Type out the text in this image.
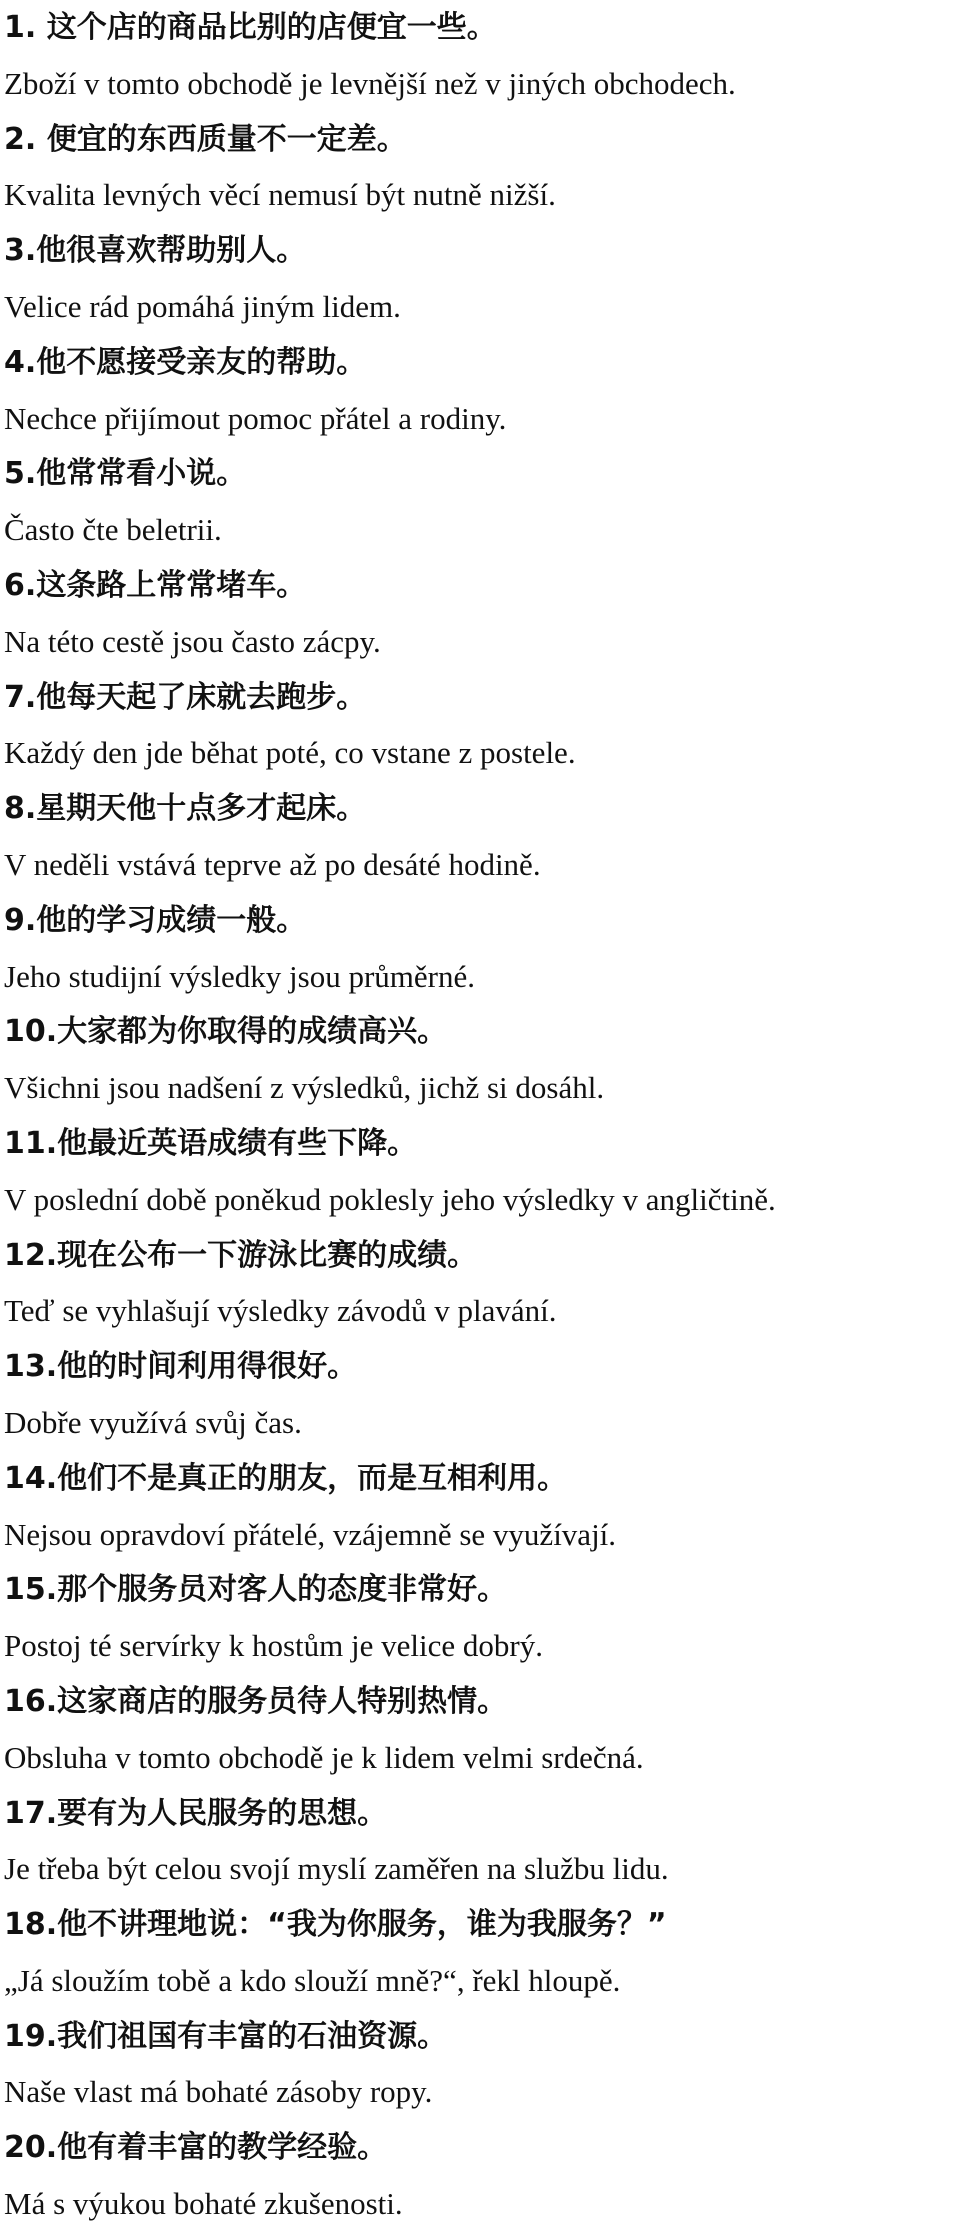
1. 这个店的商品比别的店便宜一些。
Zboží v tomto obchodě je levnější než v jiných obchodech.
2. 便宜的东西质量不一定差。
Kvalita levných věcí nemusí být nutně nižší.
3.他很喜欢帮助别人。
Velice rád pomáhá jiným lidem.
4.他不愿接受亲友的帮助。
Nechce přijímout pomoc přátel a rodiny.
5.他常常看小说。
Často čte beletrii.
6.这条路上常常堵车。
Na této cestě jsou často zácpy.
7.他每天起了床就去跑步。
Každý den jde běhat poté, co vstane z postele.
8.星期天他十点多才起床。
V neděli vstává teprve až po desáté hodině.
9.他的学习成绩一般。
Jeho studijní výsledky jsou průměrné.
10.大家都为你取得的成绩高兴。
Všichni jsou nadšení z výsledků, jichž si dosáhl.
11.他最近英语成绩有些下降。
V poslední době poněkud poklesly jeho výsledky v angličtině.
12.现在公布一下游泳比赛的成绩。
Teď se vyhlašují výsledky závodů v plavání.
13.他的时间利用得很好。
Dobře využívá svůj čas.
14.他们不是真正的朋友，而是互相利用。
Nejsou opravdoví přátelé, vzájemně se využívají.
15.那个服务员对客人的态度非常好。
Postoj té servírky k hostům je velice dobrý.
16.这家商店的服务员待人特别热情。
Obsluha v tomto obchodě je k lidem velmi srdečná.
17.要有为人民服务的思想。
Je třeba být celou svojí myslí zaměřen na službu lidu.
18.他不讲理地说：“我为你服务，谁为我服务？”
„Já sloužím tobě a kdo slouží mně?“, řekl hloupě.
19.我们祖国有丰富的石油资源。
Naše vlast má bohaté zásoby ropy.
20.他有着丰富的教学经验。
Má s výukou bohaté zkušenosti.
